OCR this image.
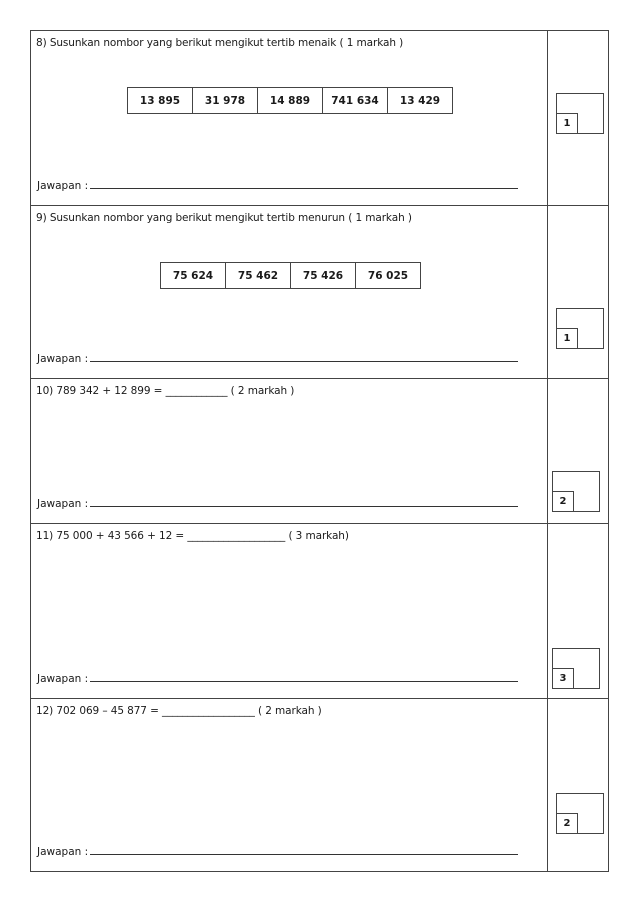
8) Susunkan nombor yang berikut mengikut tertib menaik ( 1 markah )
13 895	31 978	14 889	741 634	13 429
Jawapan :
1
9) Susunkan nombor yang berikut mengikut tertib menurun ( 1 markah )
75 624	75 462	75 426	76 025
Jawapan :
1
10) 789 342 + 12 899 = ____________ ( 2 markah )
Jawapan :	2
11) 75 000 + 43 566 + 12 = ___________________ ( 3 markah)
Jawapan :	3
12) 702 069 – 45 877 = __________________ ( 2 markah )
Jawapan :
2
